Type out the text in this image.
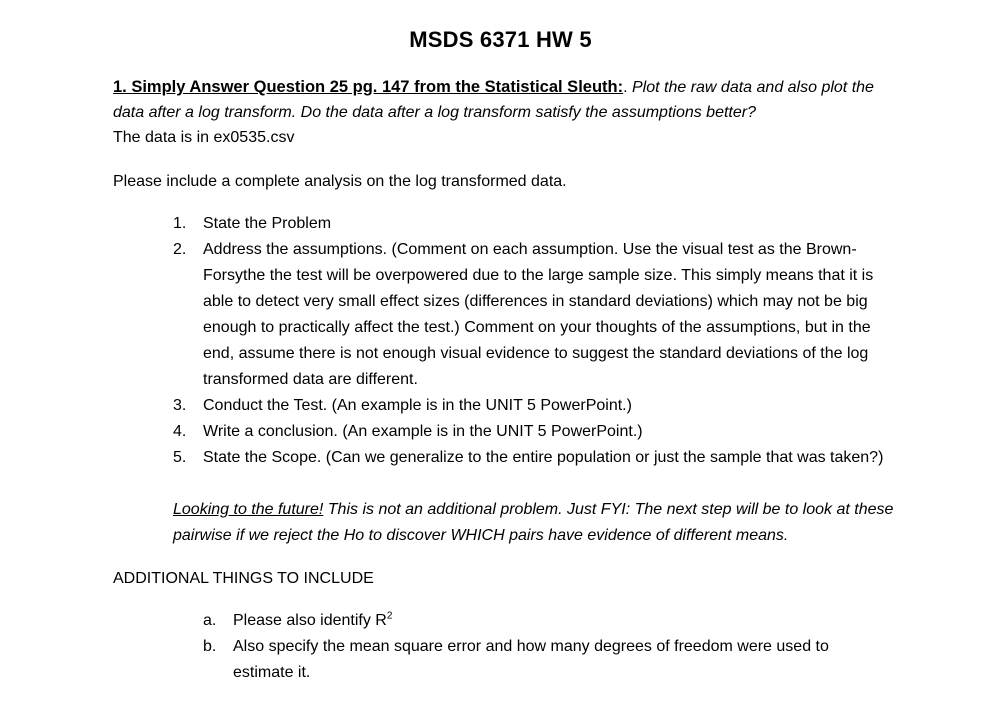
MSDS 6371 HW 5
1. Simply Answer Question 25 pg. 147 from the Statistical Sleuth:. Plot the raw data and also plot the data after a log transform. Do the data after a log transform satisfy the assumptions better?
The data is in ex0535.csv
Please include a complete analysis on the log transformed data.
1. State the Problem
2. Address the assumptions. (Comment on each assumption. Use the visual test as the Brown-Forsythe the test will be overpowered due to the large sample size. This simply means that it is able to detect very small effect sizes (differences in standard deviations) which may not be big enough to practically affect the test.) Comment on your thoughts of the assumptions, but in the end, assume there is not enough visual evidence to suggest the standard deviations of the log transformed data are different.
3. Conduct the Test. (An example is in the UNIT 5 PowerPoint.)
4. Write a conclusion. (An example is in the UNIT 5 PowerPoint.)
5. State the Scope. (Can we generalize to the entire population or just the sample that was taken?)
Looking to the future! This is not an additional problem. Just FYI: The next step will be to look at these pairwise if we reject the Ho to discover WHICH pairs have evidence of different means.
ADDITIONAL THINGS TO INCLUDE
a. Please also identify $R^2$
b. Also specify the mean square error and how many degrees of freedom were used to estimate it.
